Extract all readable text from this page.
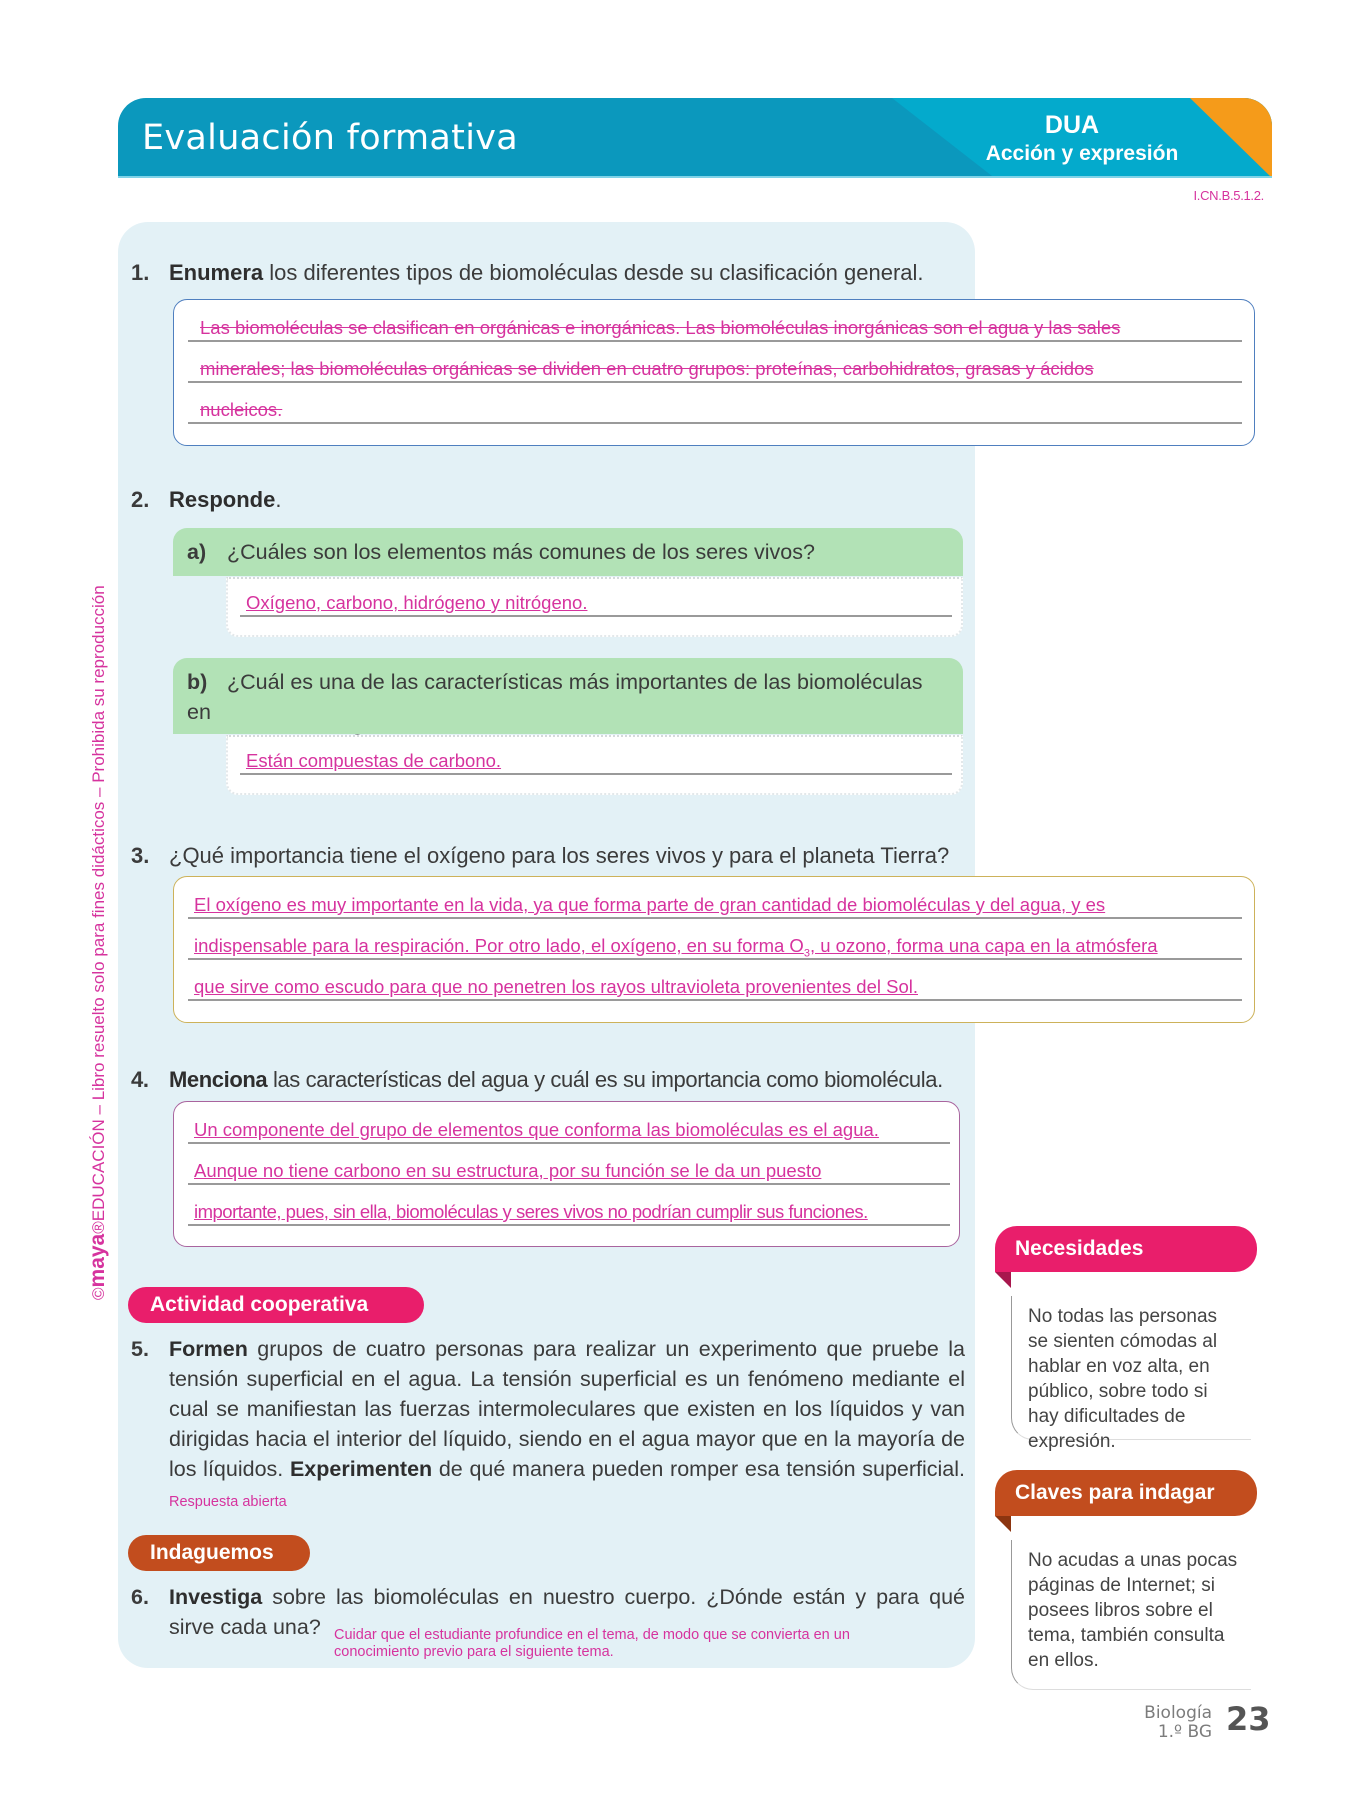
Evaluación formativa	DUA
Acción y expresión
I.CN.B.5.1.2.
©maya®EDUCACIÓN – Libro resuelto solo para fines didácticos – Prohibida su reproducción
1. Enumera los diferentes tipos de biomoléculas desde su clasificación general.
Las biomoléculas se clasifican en orgánicas e inorgánicas. Las biomoléculas inorgánicas son el agua y las sales
minerales; las biomoléculas orgánicas se dividen en cuatro grupos: proteínas, carbohidratos, grasas y ácidos
nucleicos.
2. Responde.
a) ¿Cuáles son los elementos más comunes de los seres vivos?
Oxígeno, carbono, hidrógeno y nitrógeno.
b) ¿Cuál es una de las características más importantes de las biomoléculas en

Están compuestas de carbono.
3. ¿Qué importancia tiene el oxígeno para los seres vivos y para el planeta Tierra?
El oxígeno es muy importante en la vida, ya que forma parte de gran cantidad de biomoléculas y del agua, y es
indispensable para la respiración. Por otro lado, el oxígeno, en su forma $O_3$, u ozono, forma una capa en la atmósfera
que sirve como escudo para que no penetren los rayos ultravioleta provenientes del Sol.
4. Menciona las características del agua y cuál es su importancia como biomolécula.
Un componente del grupo de elementos que conforma las biomoléculas es el agua.
Aunque no tiene carbono en su estructura, por su función se le da un puesto
importante, pues, sin ella, biomoléculas y seres vivos no podrían cumplir sus funciones.
Actividad cooperativa
5. Formen grupos de cuatro personas para realizar un experimento que pruebe la tensión superficial en el agua. La tensión superficial es un fenómeno mediante el cual se manifiestan las fuerzas intermoleculares que existen en los líquidos y van dirigidas hacia el interior del líquido, siendo en el agua mayor que en la mayoría de los líquidos. Experimenten de qué manera pueden romper esa tensión superficial. Respuesta abierta
Indaguemos
6. Investiga sobre las biomoléculas en nuestro cuerpo. ¿Dónde están y para qué sirve cada una? Cuidar que el estudiante profundice en el tema, de modo que se convierta en un
conocimiento previo para el siguiente tema.
Necesidades educativas
No todas las personas se sienten cómodas al hablar en voz alta, en público, sobre todo si hay dificultades de expresión.
Claves para indagar
No acudas a unas pocas páginas de Internet; si posees libros sobre el tema, también consulta en ellos.
Biología
1.º BG 23
